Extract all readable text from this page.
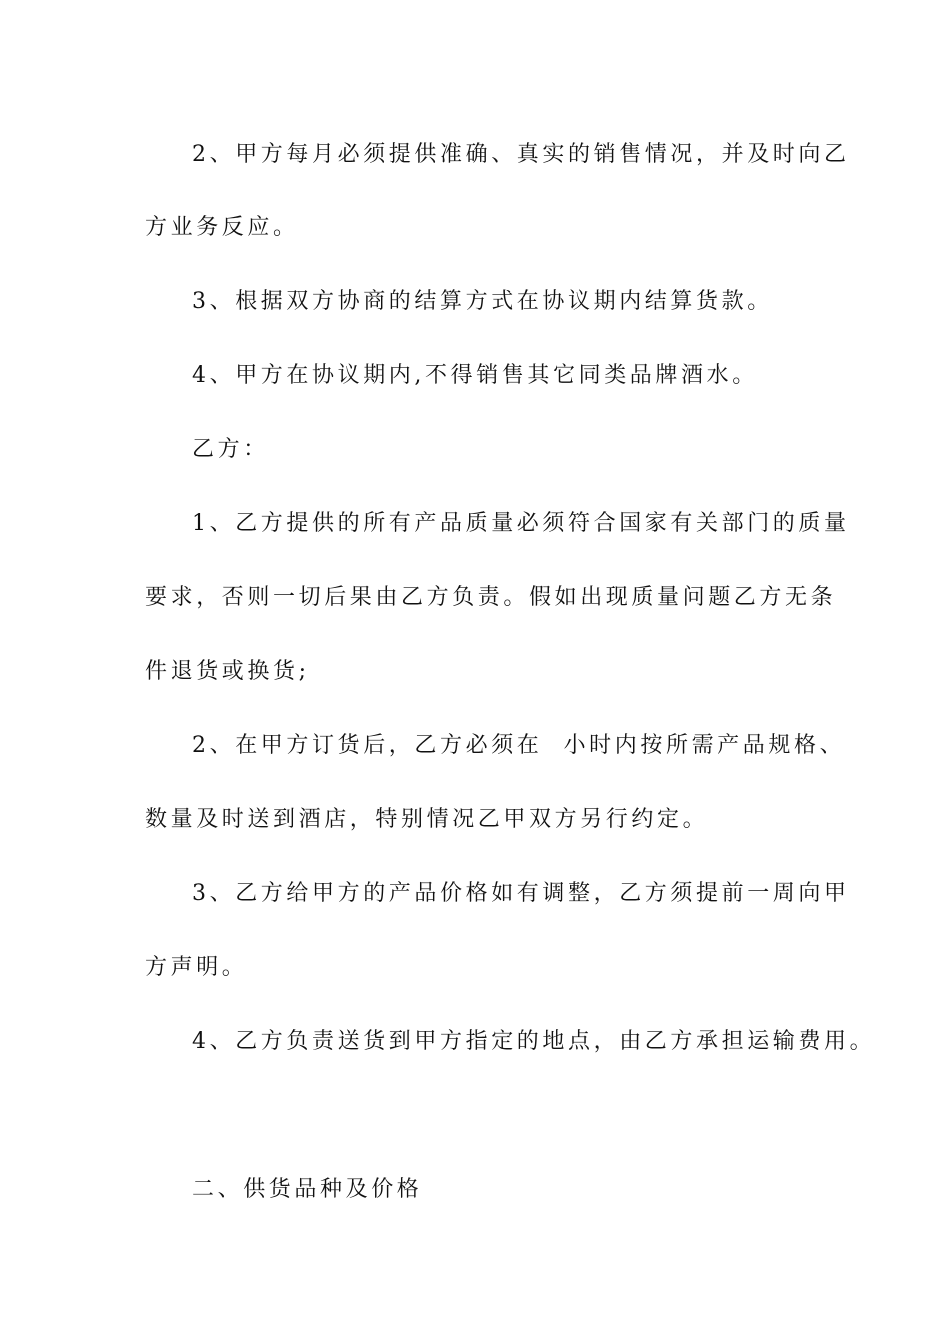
2、甲方每月必须提供准确、真实的销售情况，并及时向乙
方业务反应。
3、根据双方协商的结算方式在协议期内结算货款。
4、甲方在协议期内,不得销售其它同类品牌酒水。
乙方：
1、乙方提供的所有产品质量必须符合国家有关部门的质量
要求，否则一切后果由乙方负责。假如出现质量问题乙方无条
件退货或换货;
2、在甲方订货后，乙方必须在  小时内按所需产品规格、
数量及时送到酒店，特别情况乙甲双方另行约定。
3、乙方给甲方的产品价格如有调整，乙方须提前一周向甲
方声明。
4、乙方负责送货到甲方指定的地点，由乙方承担运输费用。
二、供货品种及价格
